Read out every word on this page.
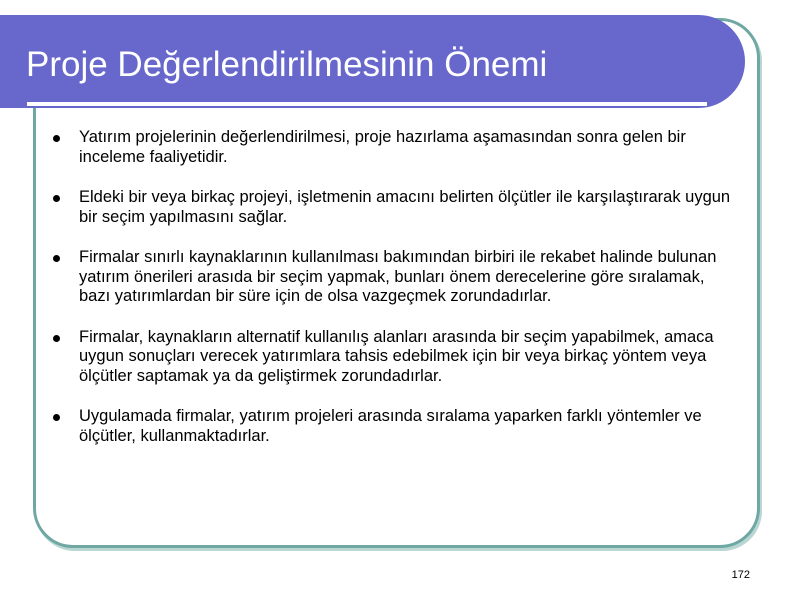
Proje Değerlendirilmesinin Önemi
Yatırım projelerinin değerlendirilmesi, proje hazırlama aşamasından sonra gelen bir inceleme faaliyetidir.
Eldeki bir veya birkaç projeyi, işletmenin amacını belirten ölçütler ile karşılaştırarak uygun bir seçim yapılmasını sağlar.
Firmalar sınırlı kaynaklarının kullanılması bakımından birbiri ile rekabet halinde bulunan yatırım önerileri arasıda bir seçim yapmak, bunları önem derecelerine göre sıralamak, bazı yatırımlardan bir süre için de olsa vazgeçmek zorundadırlar.
Firmalar, kaynakların alternatif kullanılış alanları arasında bir seçim yapabilmek, amaca uygun sonuçları verecek yatırımlara tahsis edebilmek için bir veya birkaç yöntem veya ölçütler saptamak ya da geliştirmek zorundadırlar.
Uygulamada firmalar, yatırım projeleri arasında sıralama yaparken farklı yöntemler ve ölçütler, kullanmaktadırlar.
172
